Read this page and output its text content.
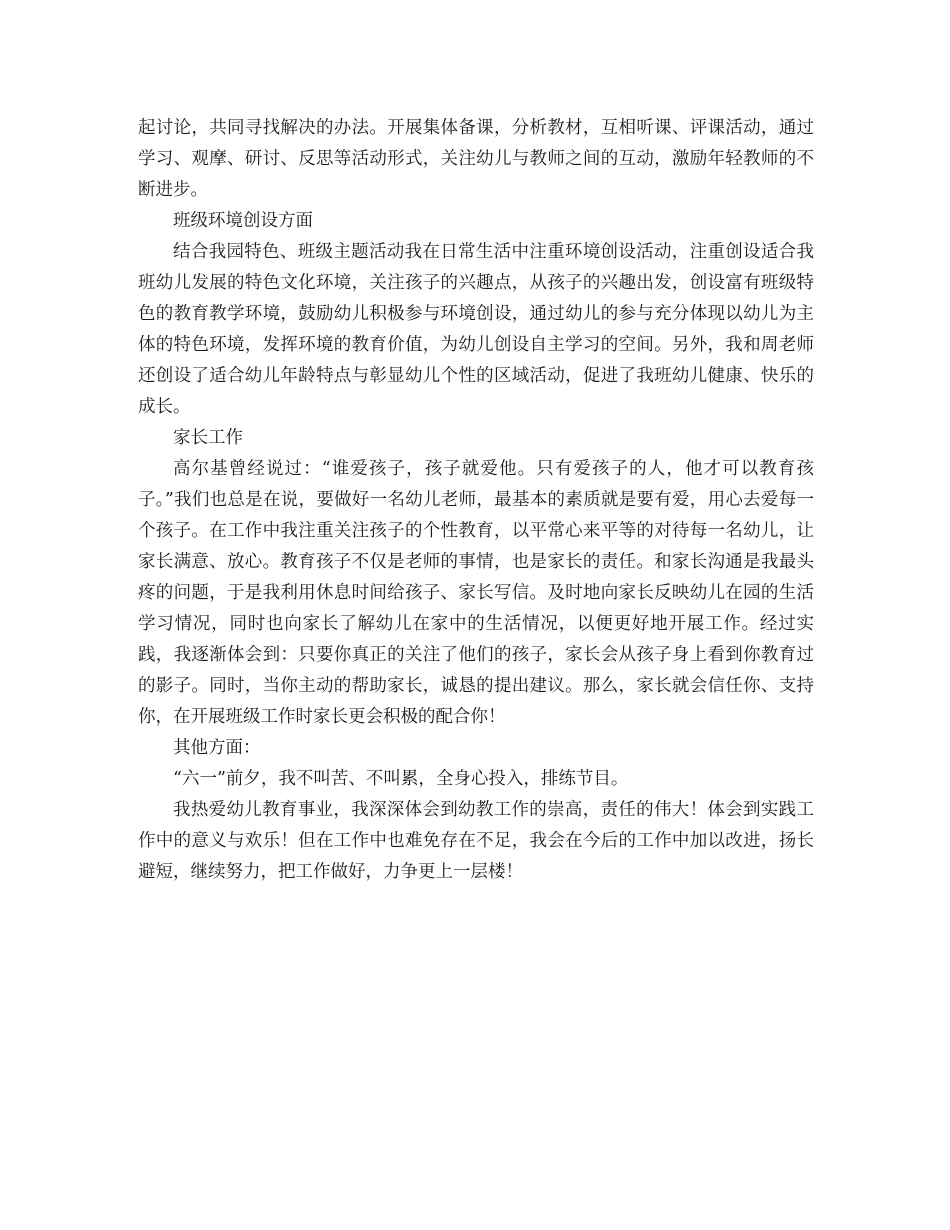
起讨论，共同寻找解决的办法。开展集体备课，分析教材，互相听课、评课活动，通过学习、观摩、研讨、反思等活动形式，关注幼儿与教师之间的互动，激励年轻教师的不断进步。

班级环境创设方面

结合我园特色、班级主题活动我在日常生活中注重环境创设活动，注重创设适合我班幼儿发展的特色文化环境，关注孩子的兴趣点，从孩子的兴趣出发，创设富有班级特色的教育教学环境，鼓励幼儿积极参与环境创设，通过幼儿的参与充分体现以幼儿为主体的特色环境，发挥环境的教育价值，为幼儿创设自主学习的空间。另外，我和周老师还创设了适合幼儿年龄特点与彰显幼儿个性的区域活动，促进了我班幼儿健康、快乐的成长。

家长工作

高尔基曾经说过：“谁爱孩子，孩子就爱他。只有爱孩子的人，他才可以教育孩子。”我们也总是在说，要做好一名幼儿老师，最基本的素质就是要有爱，用心去爱每一个孩子。在工作中我注重关注孩子的个性教育，以平常心来平等的对待每一名幼儿，让家长满意、放心。教育孩子不仅是老师的事情，也是家长的责任。和家长沟通是我最头疼的问题，于是我利用休息时间给孩子、家长写信。及时地向家长反映幼儿在园的生活学习情况，同时也向家长了解幼儿在家中的生活情况，以便更好地开展工作。经过实践，我逐渐体会到：只要你真正的关注了他们的孩子，家长会从孩子身上看到你教育过的影子。同时，当你主动的帮助家长，诚恳的提出建议。那么，家长就会信任你、支持你，在开展班级工作时家长更会积极的配合你！

其他方面：

“六一”前夕，我不叫苦、不叫累，全身心投入，排练节目。

我热爱幼儿教育事业，我深深体会到幼教工作的崇高，责任的伟大！体会到实践工作中的意义与欢乐！但在工作中也难免存在不足，我会在今后的工作中加以改进，扬长避短，继续努力，把工作做好，力争更上一层楼！
